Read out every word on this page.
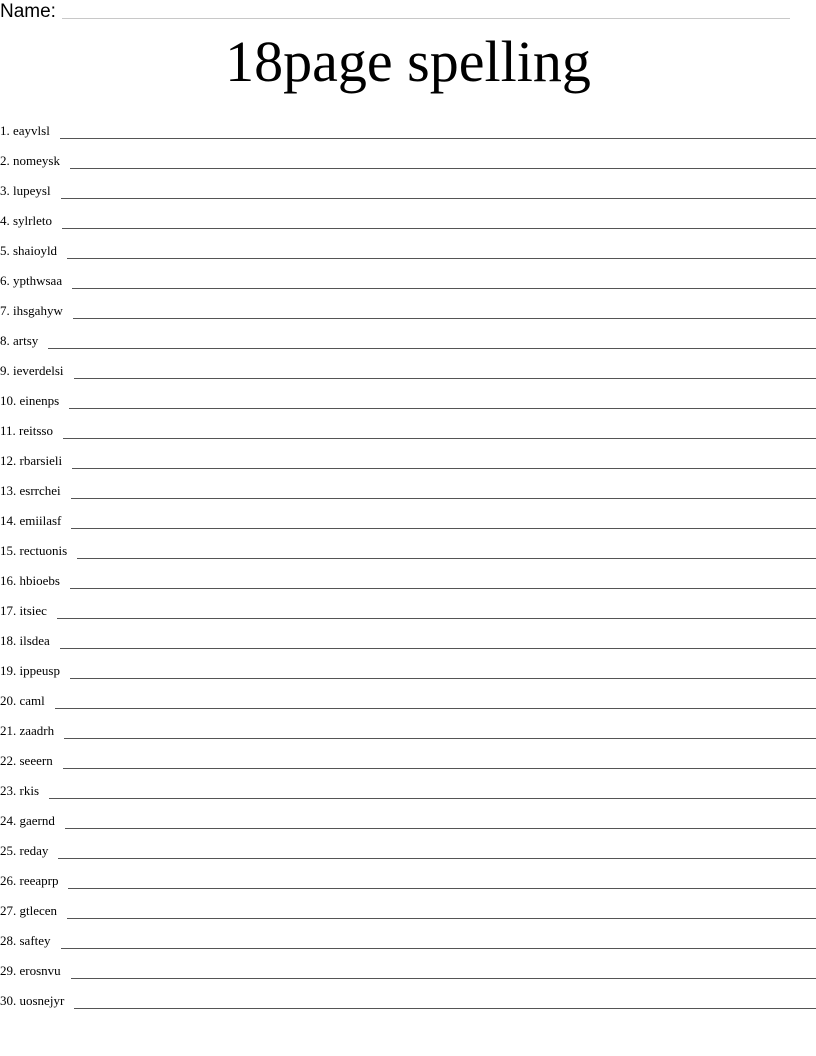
Name:
18page spelling
1. eayvlsl
2. nomeysk
3. lupeysl
4. sylrleto
5. shaioyld
6. ypthwsaa
7. ihsgahyw
8. artsy
9. ieverdelsi
10. einenps
11. reitsso
12. rbarsieli
13. esrrchei
14. emiilasf
15. rectuonis
16. hbioebs
17. itsiec
18. ilsdea
19. ippeusp
20. caml
21. zaadrh
22. seeern
23. rkis
24. gaernd
25. reday
26. reeaprp
27. gtlecen
28. saftey
29. erosnvu
30. uosnejyr
